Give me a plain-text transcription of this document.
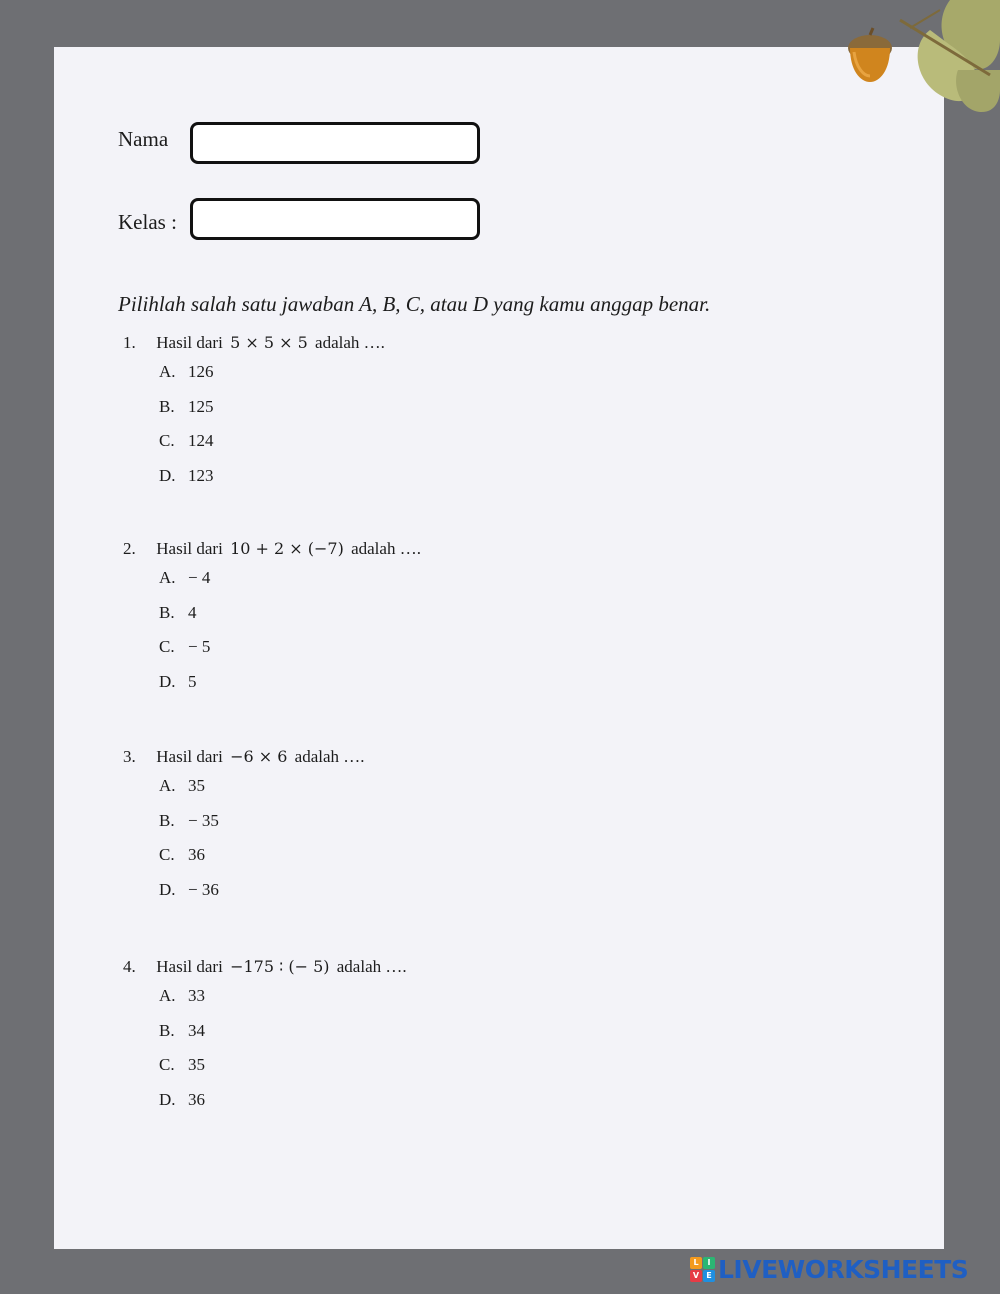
Nama
Kelas :
Pilihlah salah satu jawaban A, B, C, atau D yang kamu anggap benar.
1. Hasil dari 5 × 5 × 5 adalah ….
A. 126
B. 125
C. 124
D. 123
2. Hasil dari 10 + 2 × (−7) adalah ….
A. − 4
B. 4
C. − 5
D. 5
3. Hasil dari −6 × 6 adalah ….
A. 35
B. − 35
C. 36
D. − 36
4. Hasil dari −175 ∶ (− 5) adalah ….
A. 33
B. 34
C. 35
D. 36
L	I
V E LIVEWORKSHEETS
